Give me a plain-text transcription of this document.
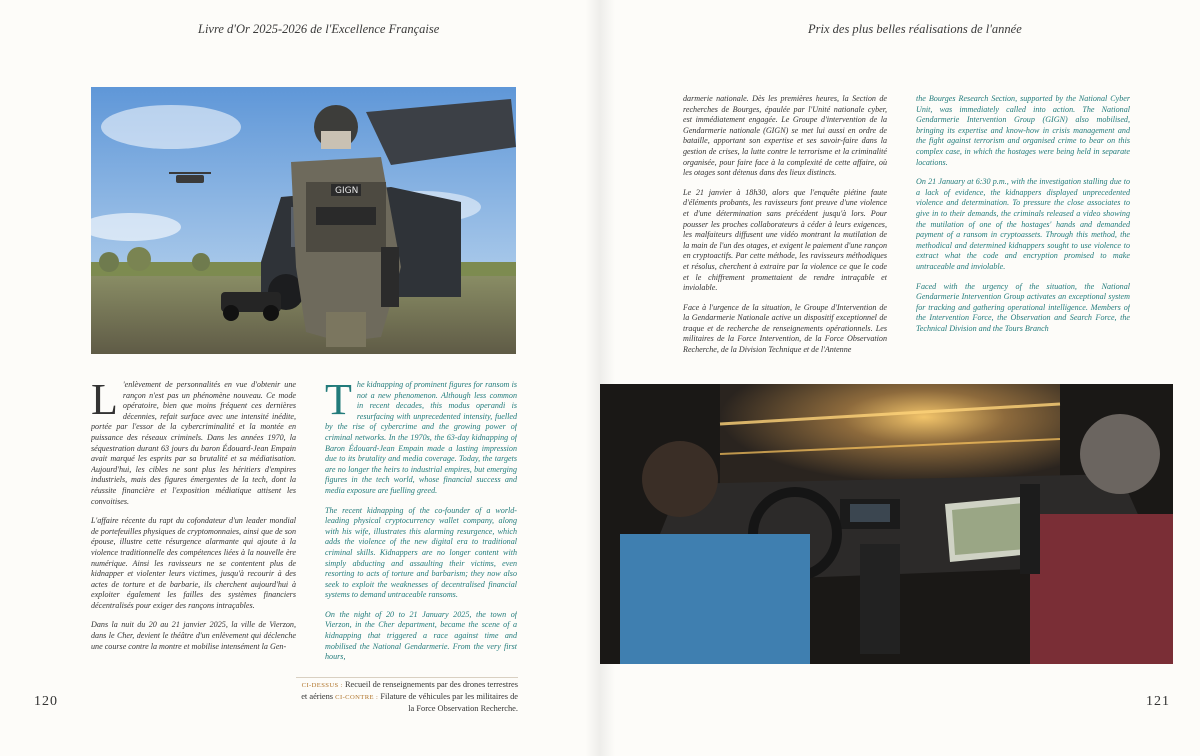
Livre d'Or 2025-2026 de l'Excellence Française	Prix des plus belles réalisations de l'année
GIGN

L 'enlèvement de personnalités en vue d'obtenir une rançon n'est pas un phénomène nouveau. Ce mode opératoire, bien que moins fréquent ces dernières décennies, refait surface avec une intensité inédite, portée par l'essor de la cybercriminalité et la montée en puissance des réseaux criminels. Dans les années 1970, la séquestration durant 63 jours du baron Édouard-Jean Empain avait marqué les esprits par sa brutalité et sa médiatisation. Aujourd'hui, les cibles ne sont plus les héritiers d'empires industriels, mais des figures émergentes de la tech, dont la réussite financière et l'exposition médiatique attisent les convoitises.

L'affaire récente du rapt du cofondateur d'un leader mondial de portefeuilles physiques de cryptomonnaies, ainsi que de son épouse, illustre cette résurgence alarmante qui ajoute à la violence traditionnelle des compétences liées à la nouvelle ère numérique. Ainsi les ravisseurs ne se contentent plus de kidnapper et violenter leurs victimes, jusqu'à recourir à des actes de torture et de barbarie, ils cherchent aujourd'hui à exploiter également les failles des systèmes financiers décentralisés pour exiger des rançons intraçables.

Dans la nuit du 20 au 21 janvier 2025, la ville de Vierzon, dans le Cher, devient le théâtre d'un enlèvement qui déclenche une course contre la montre et mobilise intensément la Gen-

The kidnapping of prominent figures for ransom is not a new phenomenon. Although less common in recent decades, this modus operandi is resurfacing with unprecedented intensity, fuelled by the rise of cybercrime and the growing power of criminal networks. In the 1970s, the 63-day kidnapping of Baron Édouard-Jean Empain made a lasting impression due to its brutality and media coverage. Today, the targets are no longer the heirs to industrial empires, but emerging figures in the tech world, whose financial success and media exposure are fuelling greed.

The recent kidnapping of the co-founder of a world-leading physical cryptocurrency wallet company, along with his wife, illustrates this alarming resurgence, which adds the violence of the new digital era to traditional criminal skills. Kidnappers are no longer content with simply abducting and assaulting their victims, even resorting to acts of torture and barbarism; they now also seek to exploit the weaknesses of decentralised financial systems to demand untraceable ransoms.

On the night of 20 to 21 January 2025, the town of Vierzon, in the Cher department, became the scene of a kidnapping that triggered a race against time and mobilised the National Gendarmerie. From the very first hours,

darmerie nationale. Dès les premières heures, la Section de recherches de Bourges, épaulée par l'Unité nationale cyber, est immédiatement engagée. Le Groupe d'intervention de la Gendarmerie nationale (GIGN) se met lui aussi en ordre de bataille, apportant son expertise et ses savoir-faire dans la gestion de crises, la lutte contre le terrorisme et la criminalité organisée, pour faire face à la complexité de cette affaire, où les otages sont détenus dans des lieux distincts.

Le 21 janvier à 18h30, alors que l'enquête piétine faute d'éléments probants, les ravisseurs font preuve d'une violence et d'une détermination sans précédent jusqu'à lors. Pour pousser les proches collaborateurs à céder à leurs exigences, les malfaiteurs diffusent une vidéo montrant la mutilation de la main de l'un des otages, et exigent le paiement d'une rançon en cryptoactifs. Par cette méthode, les ravisseurs méthodiques et résolus, cherchent à extraire par la violence ce que le code et le chiffrement promettaient de rendre intraçable et inviolable.

Face à l'urgence de la situation, le Groupe d'Intervention de la Gendarmerie Nationale active un dispositif exceptionnel de traque et de recherche de renseignements opérationnels. Les militaires de la Force Intervention, de la Force Observation Recherche, de la Division Technique et de l'Antenne

the Bourges Research Section, supported by the National Cyber Unit, was immediately called into action. The National Gendarmerie Intervention Group (GIGN) also mobilised, bringing its expertise and know-how in crisis management and the fight against terrorism and organised crime to bear on this complex case, in which the hostages were being held in separate locations.

On 21 January at 6:30 p.m., with the investigation stalling due to a lack of evidence, the kidnappers displayed unprecedented violence and determination. To pressure the close associates to give in to their demands, the criminals released a video showing the mutilation of one of the hostages' hands and demanded payment of a ransom in cryptoassets. Through this method, the methodical and determined kidnappers sought to use violence to extract what the code and encryption promised to make untraceable and inviolable.

Faced with the urgency of the situation, the National Gendarmerie Intervention Group activates an exceptional system for tracking and gathering operational intelligence. Members of the Intervention Force, the Observation and Search Force, the Technical Division and the Tours Branch

CI-DESSUS : Recueil de renseignements par des drones terrestres et aériens CI-CONTRE : Filature de véhicules par les militaires de la Force Observation Recherche.
120	121
